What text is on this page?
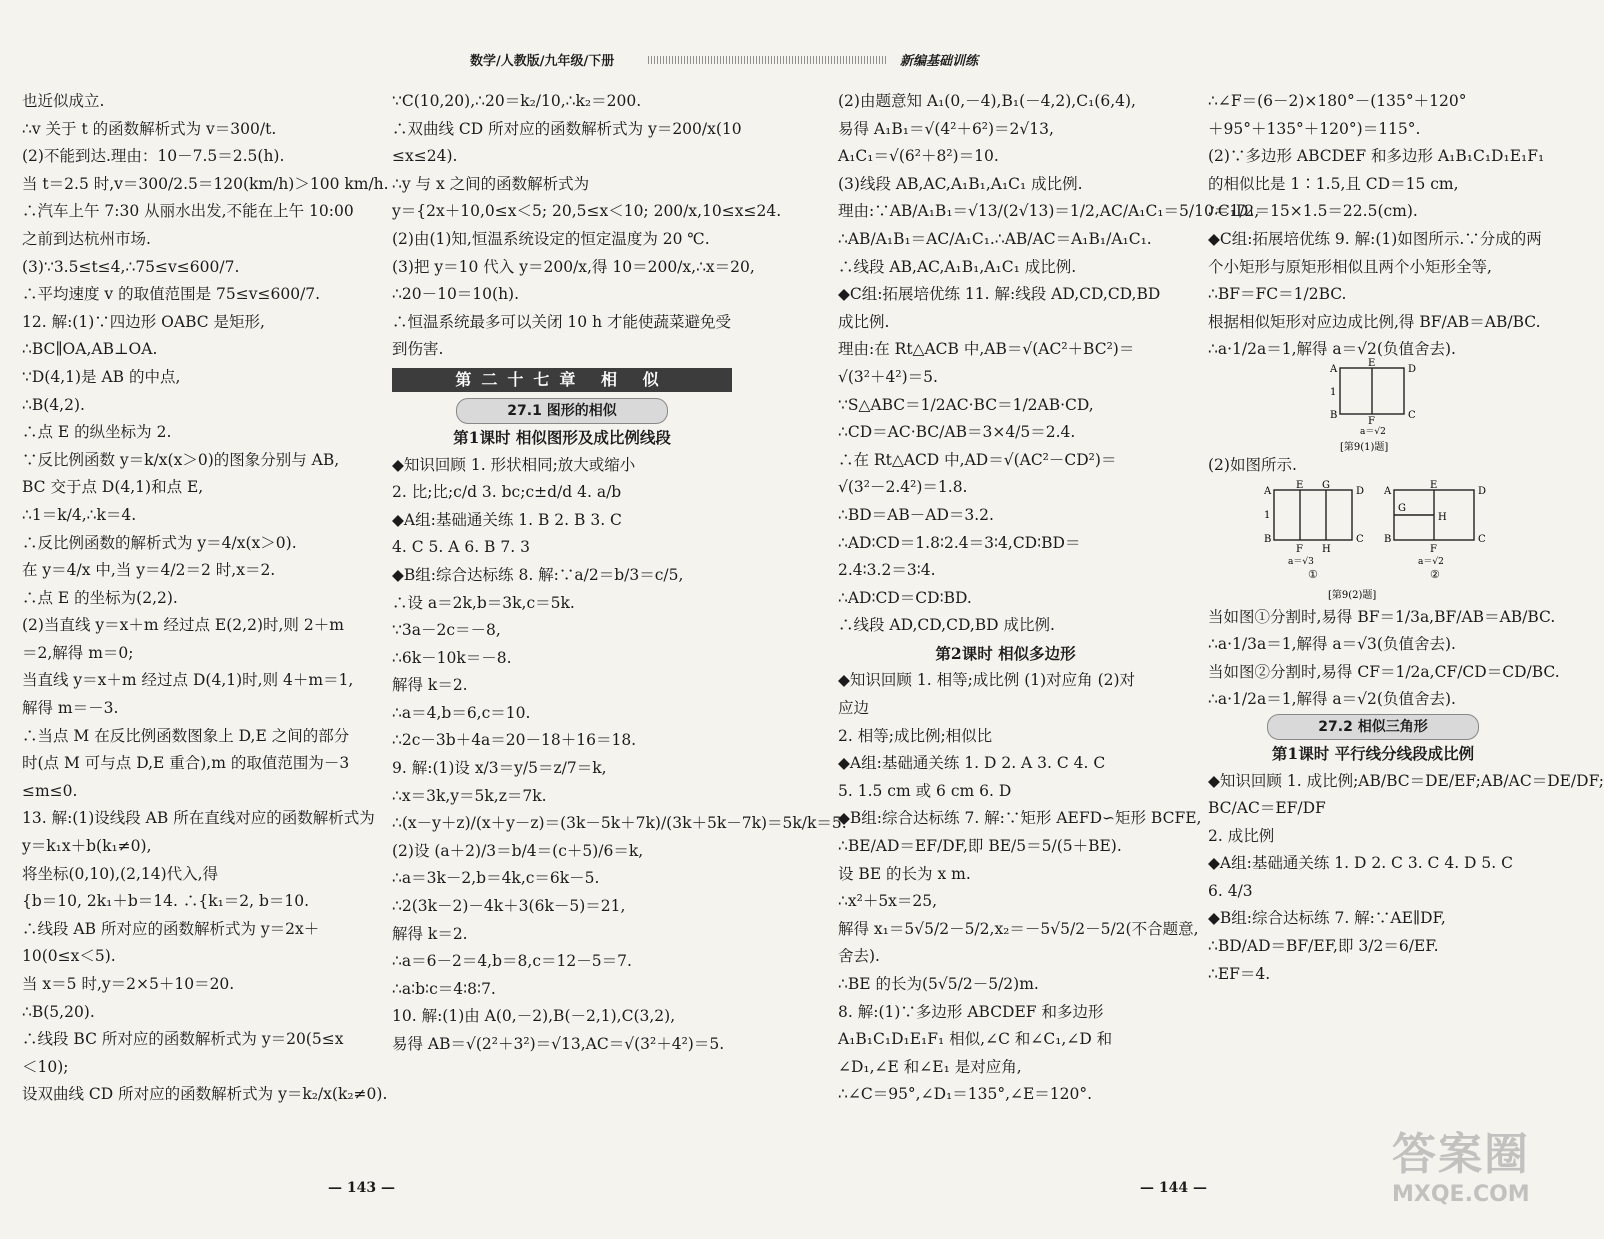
数学/人教版/九年级/下册	新编基础训练
也近似成立.
∴v 关于 t 的函数解析式为 v＝300/t.
(2)不能到达.理由：10－7.5＝2.5(h).
当 t＝2.5 时,v＝300/2.5＝120(km/h)＞100 km/h.
∴汽车上午 7:30 从丽水出发,不能在上午 10:00
之前到达杭州市场.
(3)∵3.5≤t≤4,∴75≤v≤600/7.
∴平均速度 v 的取值范围是 75≤v≤600/7.
12. 解:(1)∵四边形 OABC 是矩形,
∴BC∥OA,AB⊥OA.
∵D(4,1)是 AB 的中点,
∴B(4,2).
∴点 E 的纵坐标为 2.
∵反比例函数 y＝k/x(x＞0)的图象分别与 AB,
BC 交于点 D(4,1)和点 E,
∴1＝k/4,∴k＝4.
∴反比例函数的解析式为 y＝4/x(x＞0).
在 y＝4/x 中,当 y＝4/2＝2 时,x＝2.
∴点 E 的坐标为(2,2).
(2)当直线 y＝x＋m 经过点 E(2,2)时,则 2＋m
＝2,解得 m＝0;
当直线 y＝x＋m 经过点 D(4,1)时,则 4＋m＝1,
解得 m＝－3.
∴当点 M 在反比例函数图象上 D,E 之间的部分
时(点 M 可与点 D,E 重合),m 的取值范围为－3
≤m≤0.
13. 解:(1)设线段 AB 所在直线对应的函数解析式为
y＝k₁x＋b(k₁≠0),
将坐标(0,10),(2,14)代入,得
{b＝10, 2k₁＋b＝14. ∴{k₁＝2, b＝10.
∴线段 AB 所对应的函数解析式为 y＝2x＋
10(0≤x＜5).
当 x＝5 时,y＝2×5＋10＝20.
∴B(5,20).
∴线段 BC 所对应的函数解析式为 y＝20(5≤x
＜10);
设双曲线 CD 所对应的函数解析式为 y＝k₂/x(k₂≠0).
∵C(10,20),∴20＝k₂/10,∴k₂＝200.
∴双曲线 CD 所对应的函数解析式为 y＝200/x(10
≤x≤24).
∴y 与 x 之间的函数解析式为
y＝{2x＋10,0≤x＜5; 20,5≤x＜10; 200/x,10≤x≤24.
(2)由(1)知,恒温系统设定的恒定温度为 20 ℃.
(3)把 y＝10 代入 y＝200/x,得 10＝200/x,∴x＝20,
∴20－10＝10(h).
∴恒温系统最多可以关闭 10 h 才能使蔬菜避免受
到伤害.
第二十七章 相 似
27.1 图形的相似
第1课时 相似图形及成比例线段
◆知识回顾 1. 形状相同;放大或缩小
2. 比;比;c/d 3. bc;c±d/d 4. a/b
◆A组:基础通关练 1. B 2. B 3. C
4. C 5. A 6. B 7. 3
◆B组:综合达标练 8. 解:∵a/2＝b/3＝c/5,
∴设 a＝2k,b＝3k,c＝5k.
∵3a－2c＝－8,
∴6k－10k＝－8.
解得 k＝2.
∴a＝4,b＝6,c＝10.
∴2c－3b＋4a＝20－18＋16＝18.
9. 解:(1)设 x/3＝y/5＝z/7＝k,
∴x＝3k,y＝5k,z＝7k.
∴(x－y＋z)/(x＋y－z)＝(3k－5k＋7k)/(3k＋5k－7k)＝5k/k＝5.
(2)设 (a＋2)/3＝b/4＝(c＋5)/6＝k,
∴a＝3k－2,b＝4k,c＝6k－5.
∴2(3k－2)－4k＋3(6k－5)＝21,
解得 k＝2.
∴a＝6－2＝4,b＝8,c＝12－5＝7.
∴a∶b∶c＝4∶8∶7.
10. 解:(1)由 A(0,－2),B(－2,1),C(3,2),
易得 AB＝√(2²＋3²)＝√13,AC＝√(3²＋4²)＝5.
(2)由题意知 A₁(0,－4),B₁(－4,2),C₁(6,4),
易得 A₁B₁＝√(4²＋6²)＝2√13,
A₁C₁＝√(6²＋8²)＝10.
(3)线段 AB,AC,A₁B₁,A₁C₁ 成比例.
理由:∵AB/A₁B₁＝√13/(2√13)＝1/2,AC/A₁C₁＝5/10＝1/2,
∴AB/A₁B₁＝AC/A₁C₁.∴AB/AC＝A₁B₁/A₁C₁.
∴线段 AB,AC,A₁B₁,A₁C₁ 成比例.
◆C组:拓展培优练 11. 解:线段 AD,CD,CD,BD
成比例.
理由:在 Rt△ACB 中,AB＝√(AC²＋BC²)＝
√(3²＋4²)＝5.
∵S△ABC＝1/2AC·BC＝1/2AB·CD,
∴CD＝AC·BC/AB＝3×4/5＝2.4.
∴在 Rt△ACD 中,AD＝√(AC²－CD²)＝
√(3²－2.4²)＝1.8.
∴BD＝AB－AD＝3.2.
∴AD∶CD＝1.8∶2.4＝3∶4,CD∶BD＝
2.4∶3.2＝3∶4.
∴AD∶CD＝CD∶BD.
∴线段 AD,CD,CD,BD 成比例.
第2课时 相似多边形
◆知识回顾 1. 相等;成比例 (1)对应角 (2)对
应边
2. 相等;成比例;相似比
◆A组:基础通关练 1. D 2. A 3. C 4. C
5. 1.5 cm 或 6 cm 6. D
◆B组:综合达标练 7. 解:∵矩形 AEFD∽矩形 BCFE,
∴BE/AD＝EF/DF,即 BE/5＝5/(5＋BE).
设 BE 的长为 x m.
∴x²＋5x＝25,
解得 x₁＝5√5/2－5/2,x₂＝－5√5/2－5/2(不合题意,
舍去).
∴BE 的长为(5√5/2－5/2)m.
8. 解:(1)∵多边形 ABCDEF 和多边形
A₁B₁C₁D₁E₁F₁ 相似,∠C 和∠C₁,∠D 和
∠D₁,∠E 和∠E₁ 是对应角,
∴∠C＝95°,∠D₁＝135°,∠E＝120°.
∴∠F＝(6－2)×180°－(135°＋120°
＋95°＋135°＋120°)＝115°.
(2)∵多边形 ABCDEF 和多边形 A₁B₁C₁D₁E₁F₁
的相似比是 1∶1.5,且 CD＝15 cm,
∴C₁D₁＝15×1.5＝22.5(cm).
◆C组:拓展培优练 9. 解:(1)如图所示.∵分成的两
个小矩形与原矩形相似且两个小矩形全等,
∴BF＝FC＝1/2BC.
根据相似矩形对应边成比例,得 BF/AB＝AB/BC.
∴a·1/2a＝1,解得 a＝√2(负值舍去).
A
E
D
B
F
C
1
a＝√2
[第9(1)题]
(2)如图所示.
A
E G
D
B
F H
C
1
a＝√3
①
A
E
D
B
F
C
G
H
a＝√2
②
[第9(2)题]
当如图①分割时,易得 BF＝1/3a,BF/AB＝AB/BC.
∴a·1/3a＝1,解得 a＝√3(负值舍去).
当如图②分割时,易得 CF＝1/2a,CF/CD＝CD/BC.
∴a·1/2a＝1,解得 a＝√2(负值舍去).
27.2 相似三角形
第1课时 平行线分线段成比例
◆知识回顾 1. 成比例;AB/BC＝DE/EF;AB/AC＝DE/DF;
BC/AC＝EF/DF
2. 成比例
◆A组:基础通关练 1. D 2. C 3. C 4. D 5. C
6. 4/3
◆B组:综合达标练 7. 解:∵AE∥DF,
∴BD/AD＝BF/EF,即 3/2＝6/EF.
∴EF＝4.
— 143 —	— 144 —
答案圈
MXQE.COM
